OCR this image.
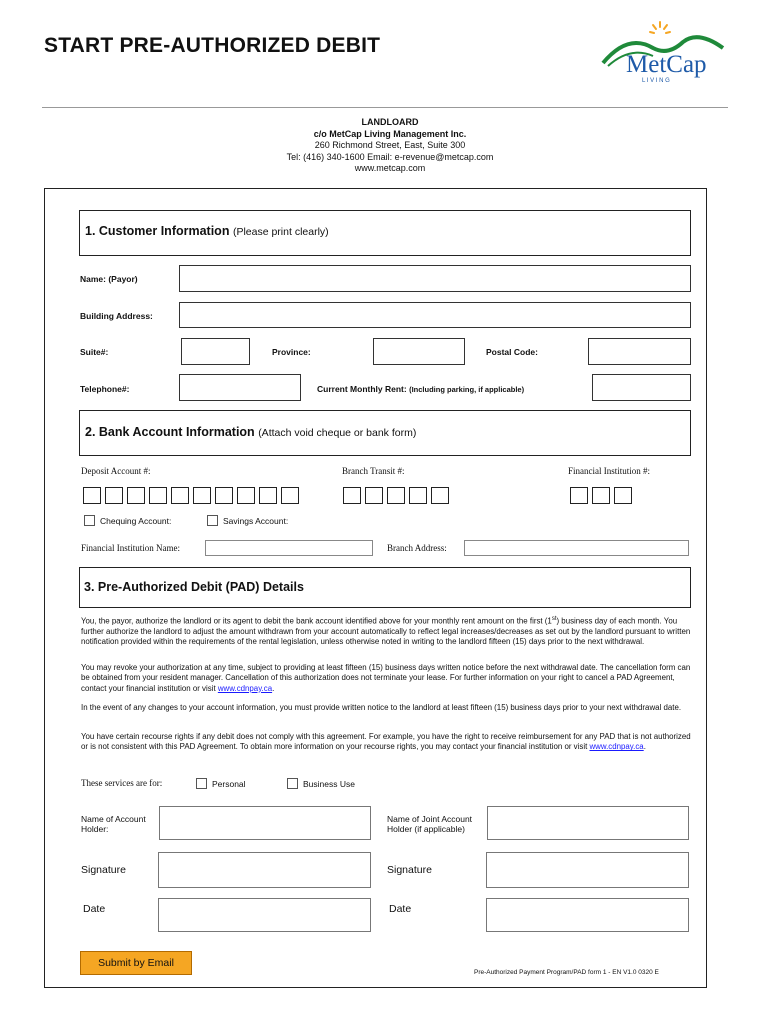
START PRE-AUTHORIZED DEBIT
MetCap
L I V I N G
LANDLOARD
c/o MetCap Living Management Inc.
260 Richmond Street, East, Suite 300
Tel: (416) 340-1600 Email: e-revenue@metcap.com
www.metcap.com
1. Customer Information (Please print clearly)
Name: (Payor)
Building Address:
Suite#:	Province:	Postal Code:
Telephone#:	Current Monthly Rent: (Including parking, if applicable)
2. Bank Account Information (Attach void cheque or bank form)
Deposit Account #:	Branch Transit #:	Financial Institution #:
Chequing Account:	Savings Account:
Financial Institution Name:	Branch Address:
3. Pre-Authorized Debit (PAD) Details
You, the payor, authorize the landlord or its agent to debit the bank account identified above for your monthly rent amount on the first (1st) business day of each month. You further authorize the landlord to adjust the amount withdrawn from your account automatically to reflect legal increases/decreases as set out by the landlord pursuant to written notification provided within the requirements of the rental legislation, unless otherwise noted in writing to the landlord fifteen (15) days prior to the next withdrawal.
You may revoke your authorization at any time, subject to providing at least fifteen (15) business days written notice before the next withdrawal date. The cancellation form can be obtained from your resident manager. Cancellation of this authorization does not terminate your lease. For further information on your right to cancel a PAD Agreement, contact your financial institution or visit www.cdnpay.ca.
In the event of any changes to your account information, you must provide written notice to the landlord at least fifteen (15) business days prior to your next withdrawal date.
You have certain recourse rights if any debit does not comply with this agreement. For example, you have the right to receive reimbursement for any PAD that is not authorized or is not consistent with this PAD Agreement. To obtain more information on your recourse rights, you may contact your financial institution or visit www.cdnpay.ca.
These services are for:	Personal	Business Use
Name of Account Holder:
Name of Joint Account Holder (if applicable)
Signature	Signature
Date	Date
Submit by Email
Pre-Authorized Payment Program/PAD form 1 - EN V1.0 0320 E
